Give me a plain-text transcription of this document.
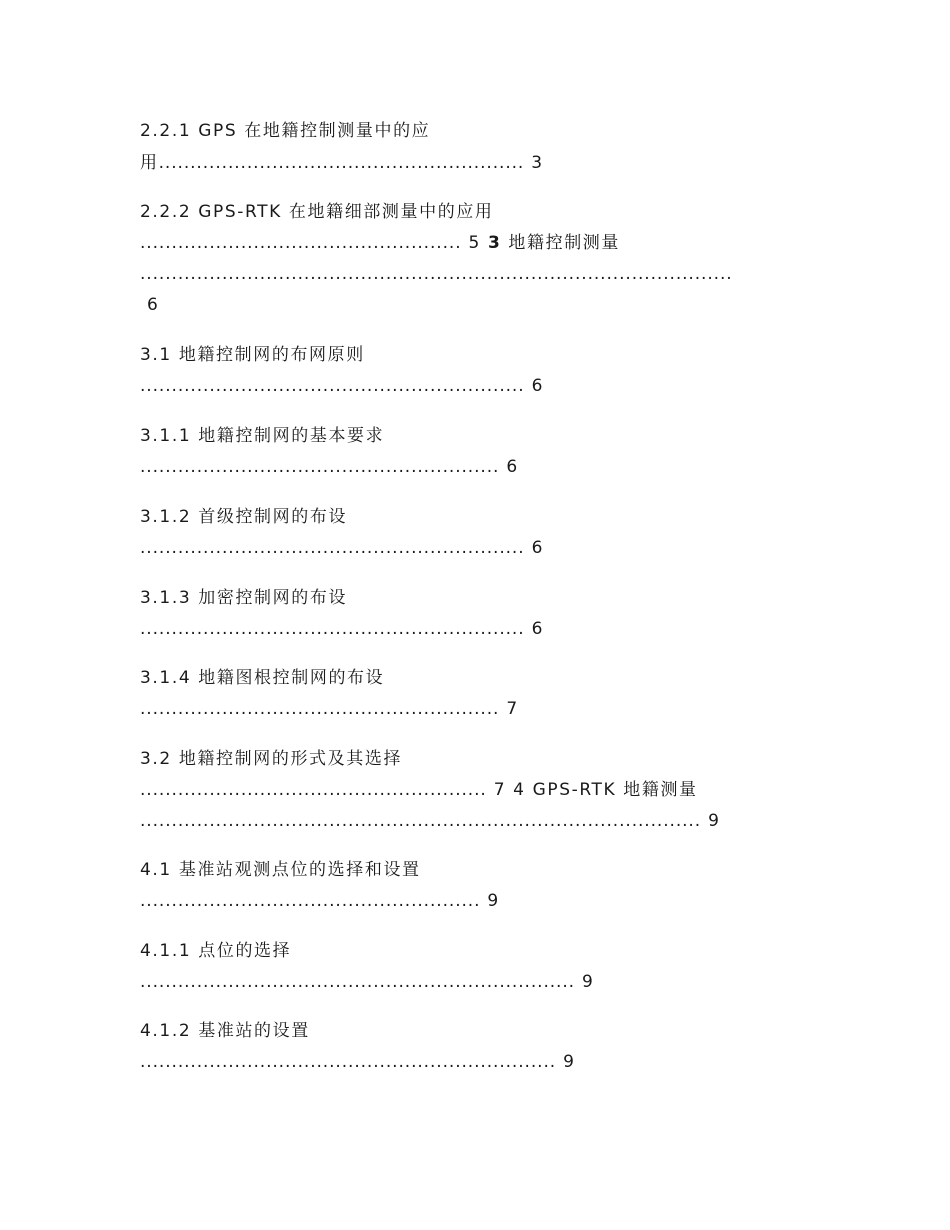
2.2.1 GPS 在地籍控制测量中的应
用.......................................................... 3
2.2.2 GPS-RTK 在地籍细部测量中的应用
................................................... 5 3 地籍控制测量
..............................................................................................
6
3.1 地籍控制网的布网原则
............................................................. 6
3.1.1 地籍控制网的基本要求
......................................................... 6
3.1.2 首级控制网的布设
............................................................. 6
3.1.3 加密控制网的布设
............................................................. 6
3.1.4 地籍图根控制网的布设
......................................................... 7
3.2 地籍控制网的形式及其选择
....................................................... 7 4 GPS-RTK 地籍测量
......................................................................................... 9
4.1 基准站观测点位的选择和设置
...................................................... 9
4.1.1 点位的选择
..................................................................... 9
4.1.2 基准站的设置
.................................................................. 9
